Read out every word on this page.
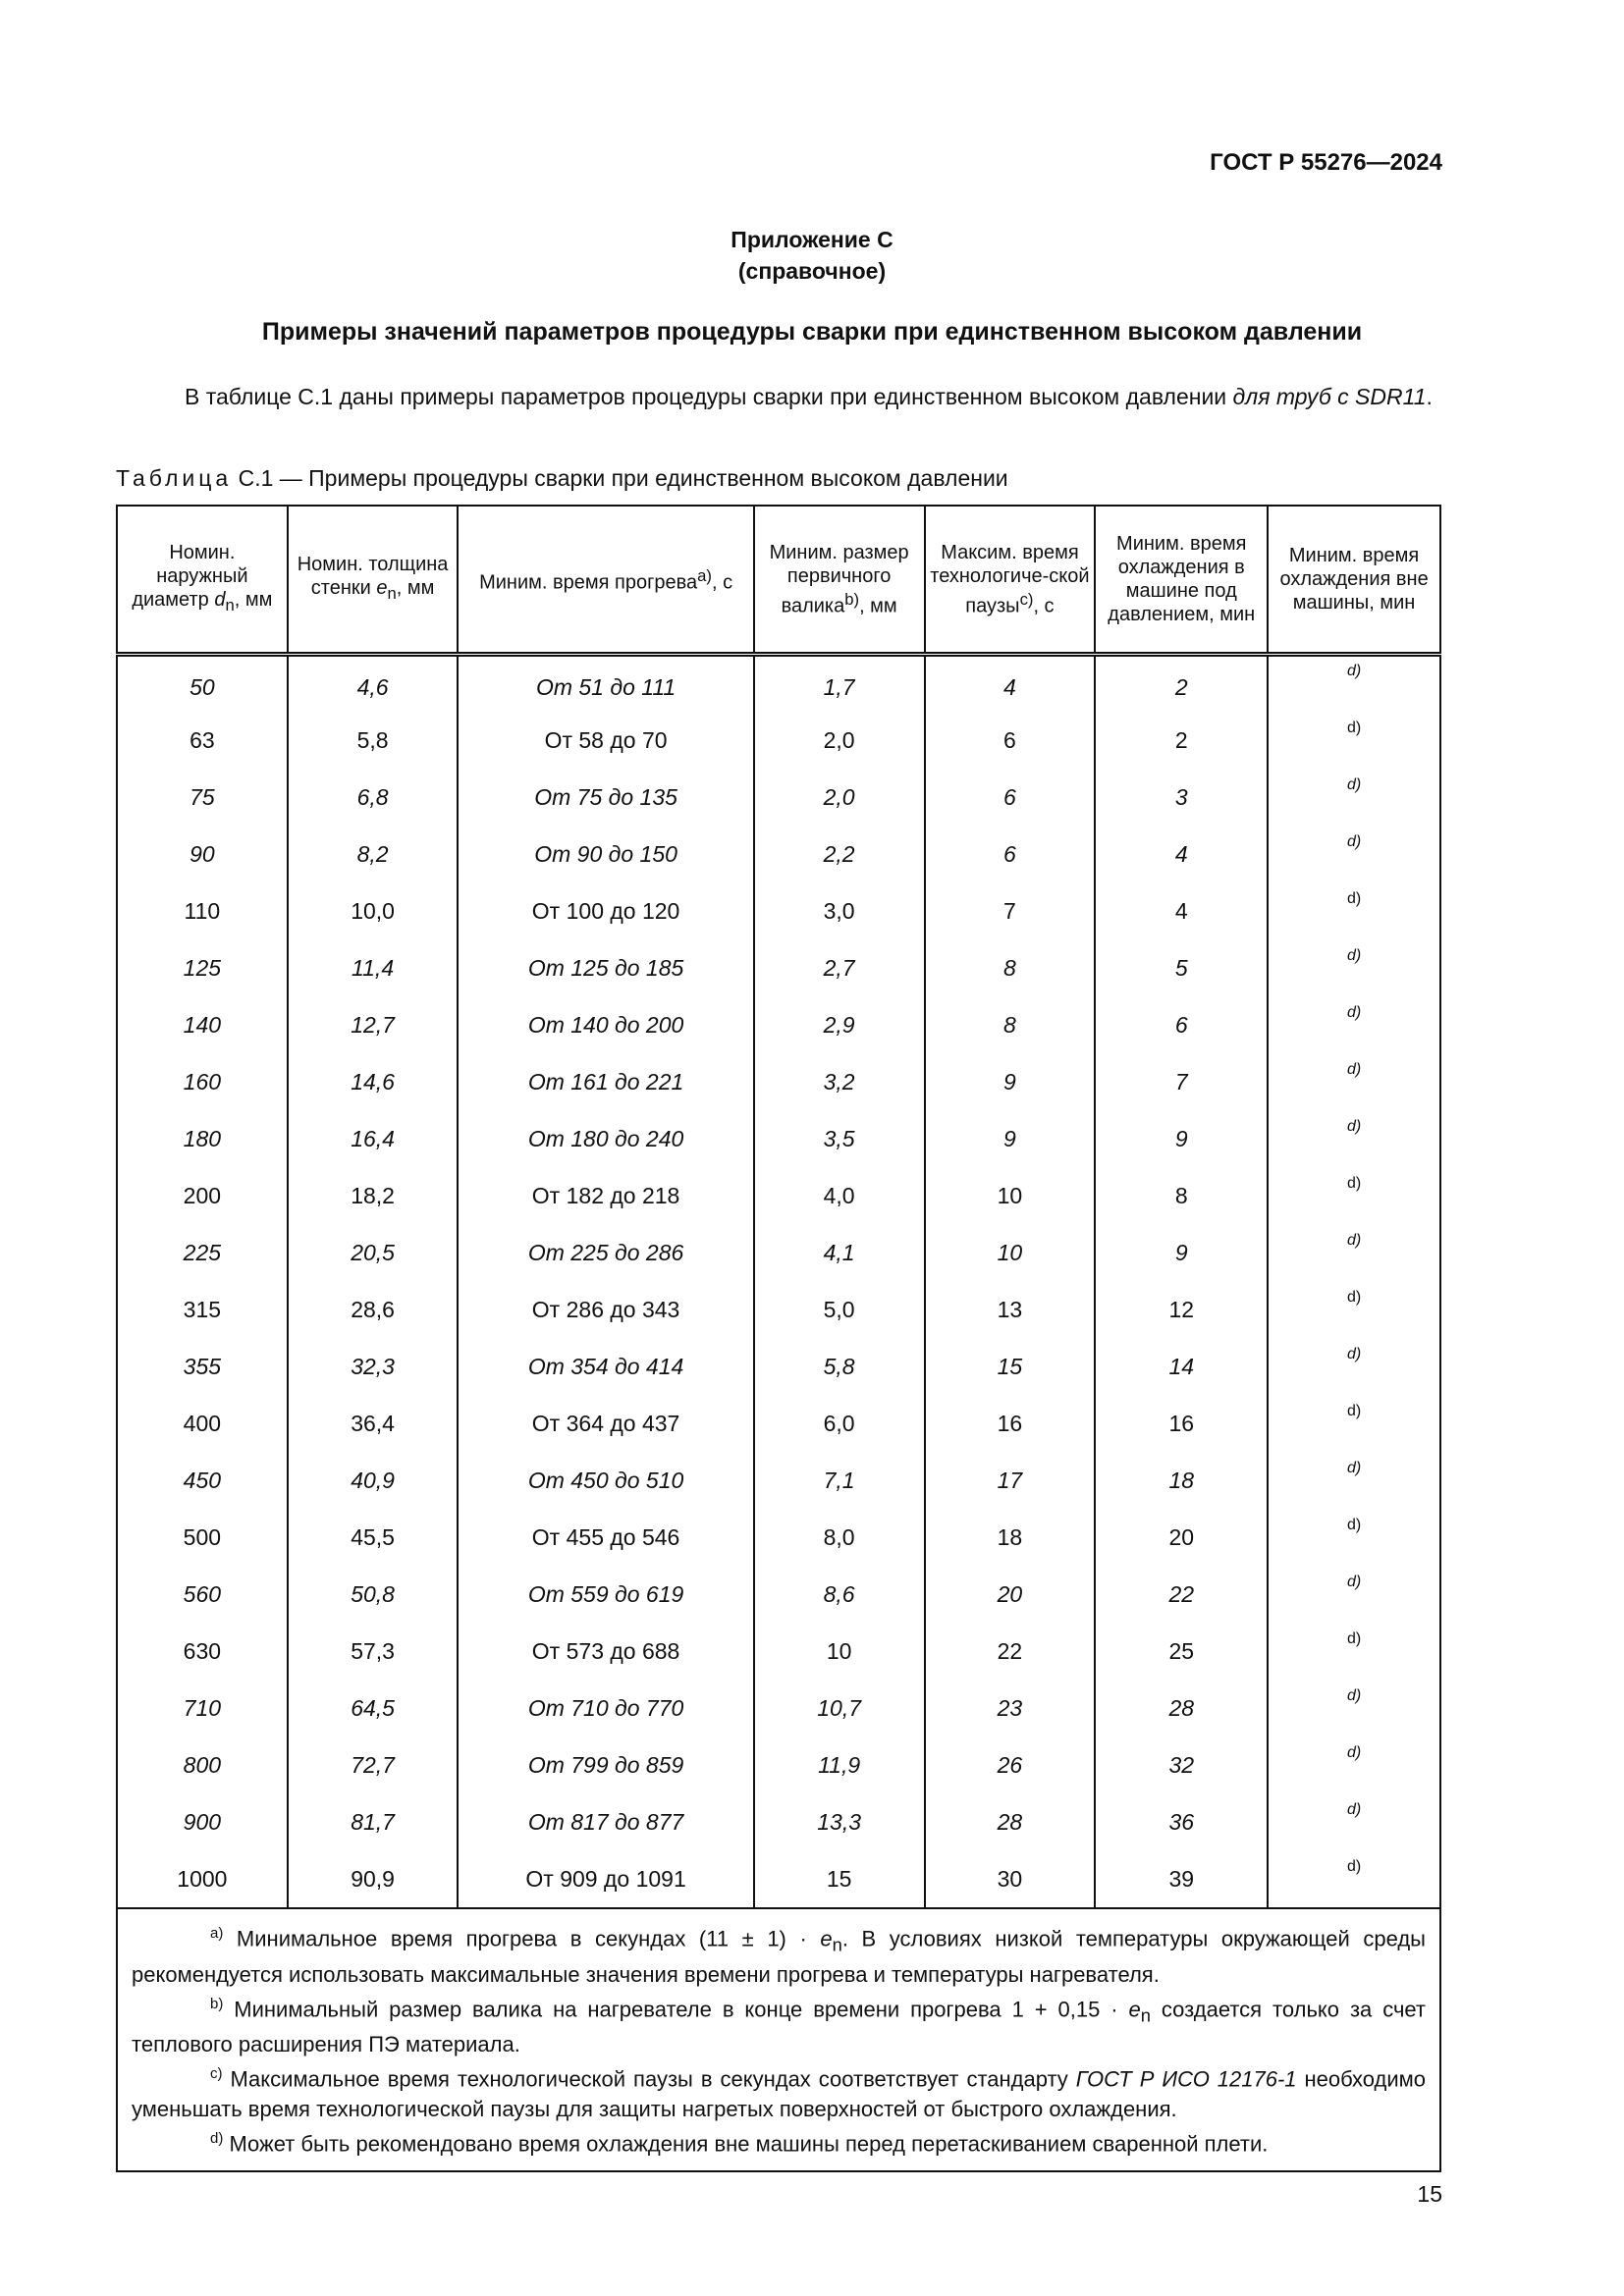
ГОСТ Р 55276—2024
Приложение С
(справочное)
Примеры значений параметров процедуры сварки при единственном высоком давлении
В таблице С.1 даны примеры параметров процедуры сварки при единственном высоком давлении для труб с SDR11.
Таблица С.1 — Примеры процедуры сварки при единственном высоком давлении
Номин. наружный диаметр $d_n$, мм	Номин. толщина стенки $e_n$, мм	Миним. время прогрева$^{а)}$, с	Миним. размер первичного валика$^{b)}$, мм	Максим. время технологиче-ской паузы$^{c)}$, с	Миним. время охлаждения в машине под давлением, мин	Миним. время охлаждения вне машины, мин
50	4,6	От 51 до 111	1,7	4	2	d)
63	5,8	От 58 до 70	2,0	6	2	d)
75	6,8	От 75 до 135	2,0	6	3	d)
90	8,2	От 90 до 150	2,2	6	4	d)
110	10,0	От 100 до 120	3,0	7	4	d)
125	11,4	От 125 до 185	2,7	8	5	d)
140	12,7	От 140 до 200	2,9	8	6	d)
160	14,6	От 161 до 221	3,2	9	7	d)
180	16,4	От 180 до 240	3,5	9	9	d)
200	18,2	От 182 до 218	4,0	10	8	d)
225	20,5	От 225 до 286	4,1	10	9	d)
315	28,6	От 286 до 343	5,0	13	12	d)
355	32,3	От 354 до 414	5,8	15	14	d)
400	36,4	От 364 до 437	6,0	16	16	d)
450	40,9	От 450 до 510	7,1	17	18	d)
500	45,5	От 455 до 546	8,0	18	20	d)
560	50,8	От 559 до 619	8,6	20	22	d)
630	57,3	От 573 до 688	10	22	25	d)
710	64,5	От 710 до 770	10,7	23	28	d)
800	72,7	От 799 до 859	11,9	26	32	d)
900	81,7	От 817 до 877	13,3	28	36	d)
1000	90,9	От 909 до 1091	15	30	39	d)

$^{а)}$ Минимальное время прогрева в секундах $(11 \pm 1) \cdot e_n$. В условиях низкой температуры окружающей среды рекомендуется использовать максимальные значения времени прогрева и температуры нагревателя.

$^{b)}$ Минимальный размер валика на нагревателе в конце времени прогрева $1 + 0,15 \cdot e_n$ создается только за счет теплового расширения ПЭ материала.

$^{c)}$ Максимальное время технологической паузы в секундах соответствует стандарту ГОСТ Р ИСО 12176-1 необходимо уменьшать время технологической паузы для защиты нагретых поверхностей от быстрого охлаждения.

$^{d)}$ Может быть рекомендовано время охлаждения вне машины перед перетаскиванием сваренной плети.

15
